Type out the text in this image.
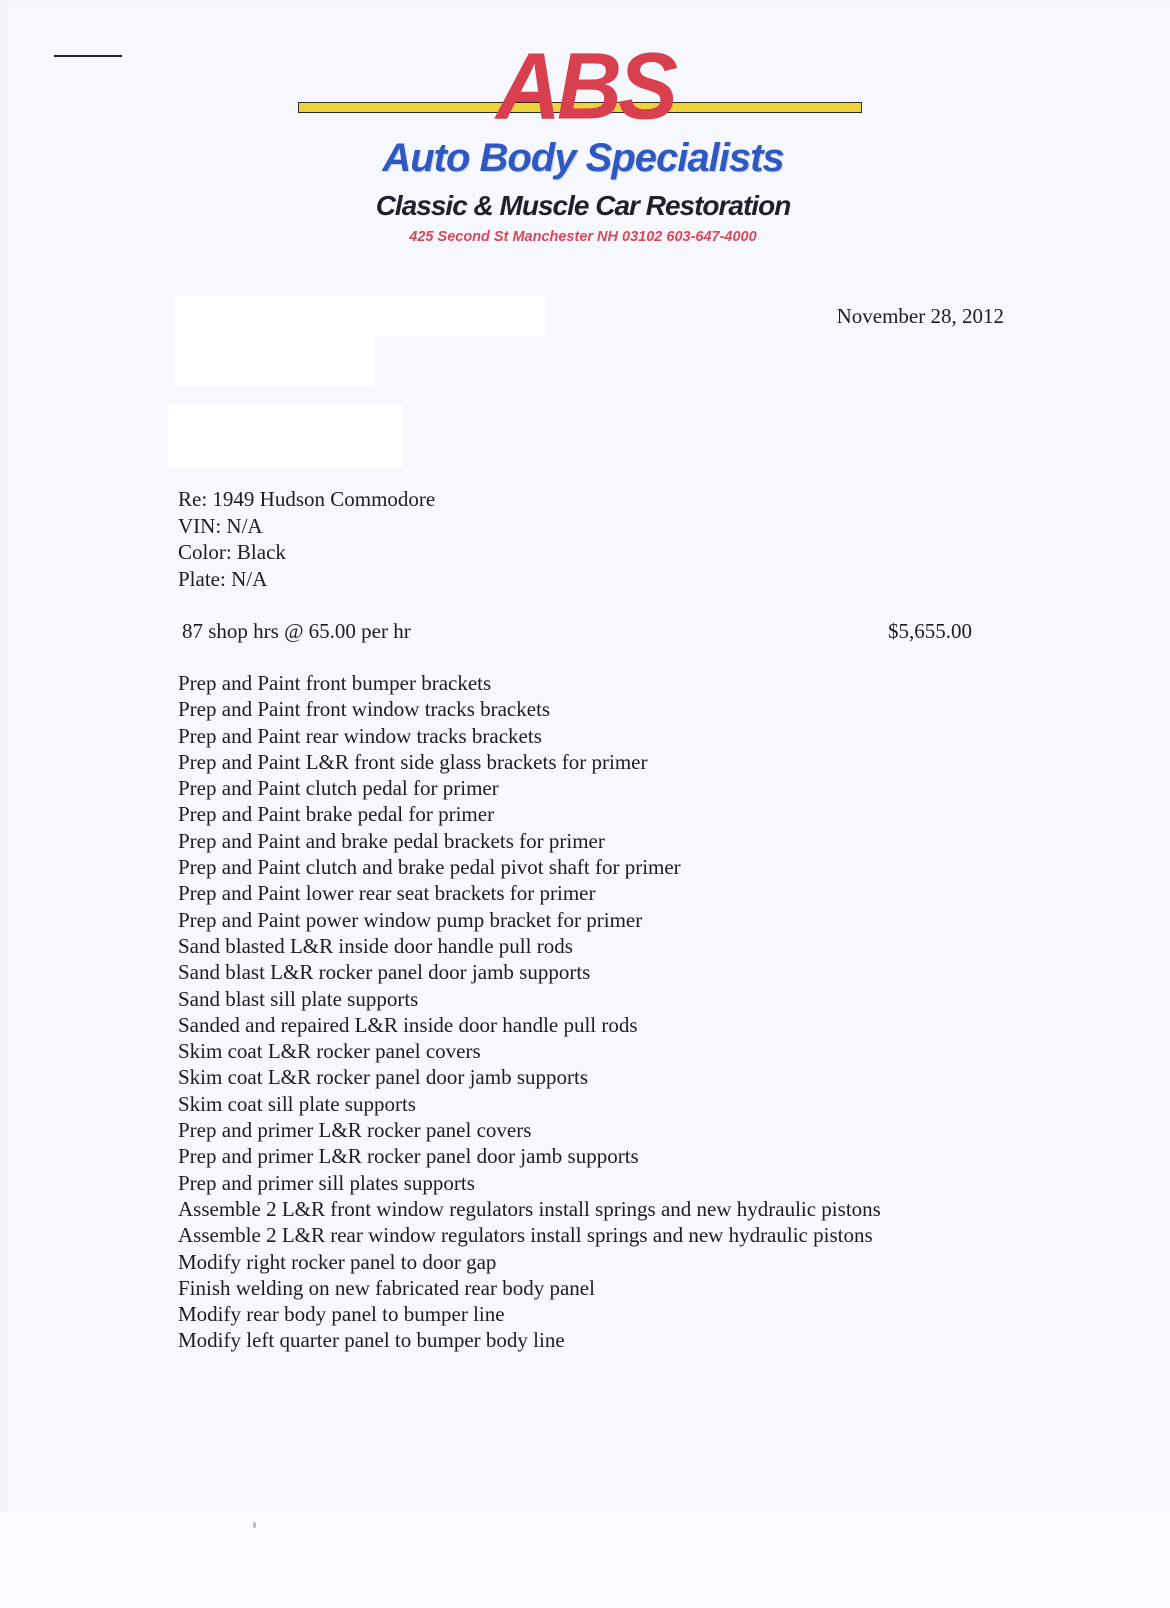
ABS
Auto Body Specialists
Classic & Muscle Car Restoration
425 Second St Manchester NH 03102 603-647-4000
November 28, 2012
Re: 1949 Hudson Commodore
VIN: N/A
Color: Black
Plate: N/A
87 shop hrs @ 65.00 per hr	$5,655.00
Prep and Paint front bumper brackets
Prep and Paint front window tracks brackets
Prep and Paint rear window tracks brackets
Prep and Paint L&R front side glass brackets for primer
Prep and Paint clutch pedal for primer
Prep and Paint brake pedal for primer
Prep and Paint and brake pedal brackets for primer
Prep and Paint clutch and brake pedal pivot shaft for primer
Prep and Paint lower rear seat brackets for primer
Prep and Paint power window pump bracket for primer
Sand blasted L&R inside door handle pull rods
Sand blast L&R rocker panel door jamb supports
Sand blast sill plate supports
Sanded and repaired L&R inside door handle pull rods
Skim coat L&R rocker panel covers
Skim coat L&R rocker panel door jamb supports
Skim coat sill plate supports
Prep and primer L&R rocker panel covers
Prep and primer L&R rocker panel door jamb supports
Prep and primer sill plates supports
Assemble 2 L&R front window regulators install springs and new hydraulic pistons
Assemble 2 L&R rear window regulators install springs and new hydraulic pistons
Modify right rocker panel to door gap
Finish welding on new fabricated rear body panel
Modify rear body panel to bumper line
Modify left quarter panel to bumper body line
